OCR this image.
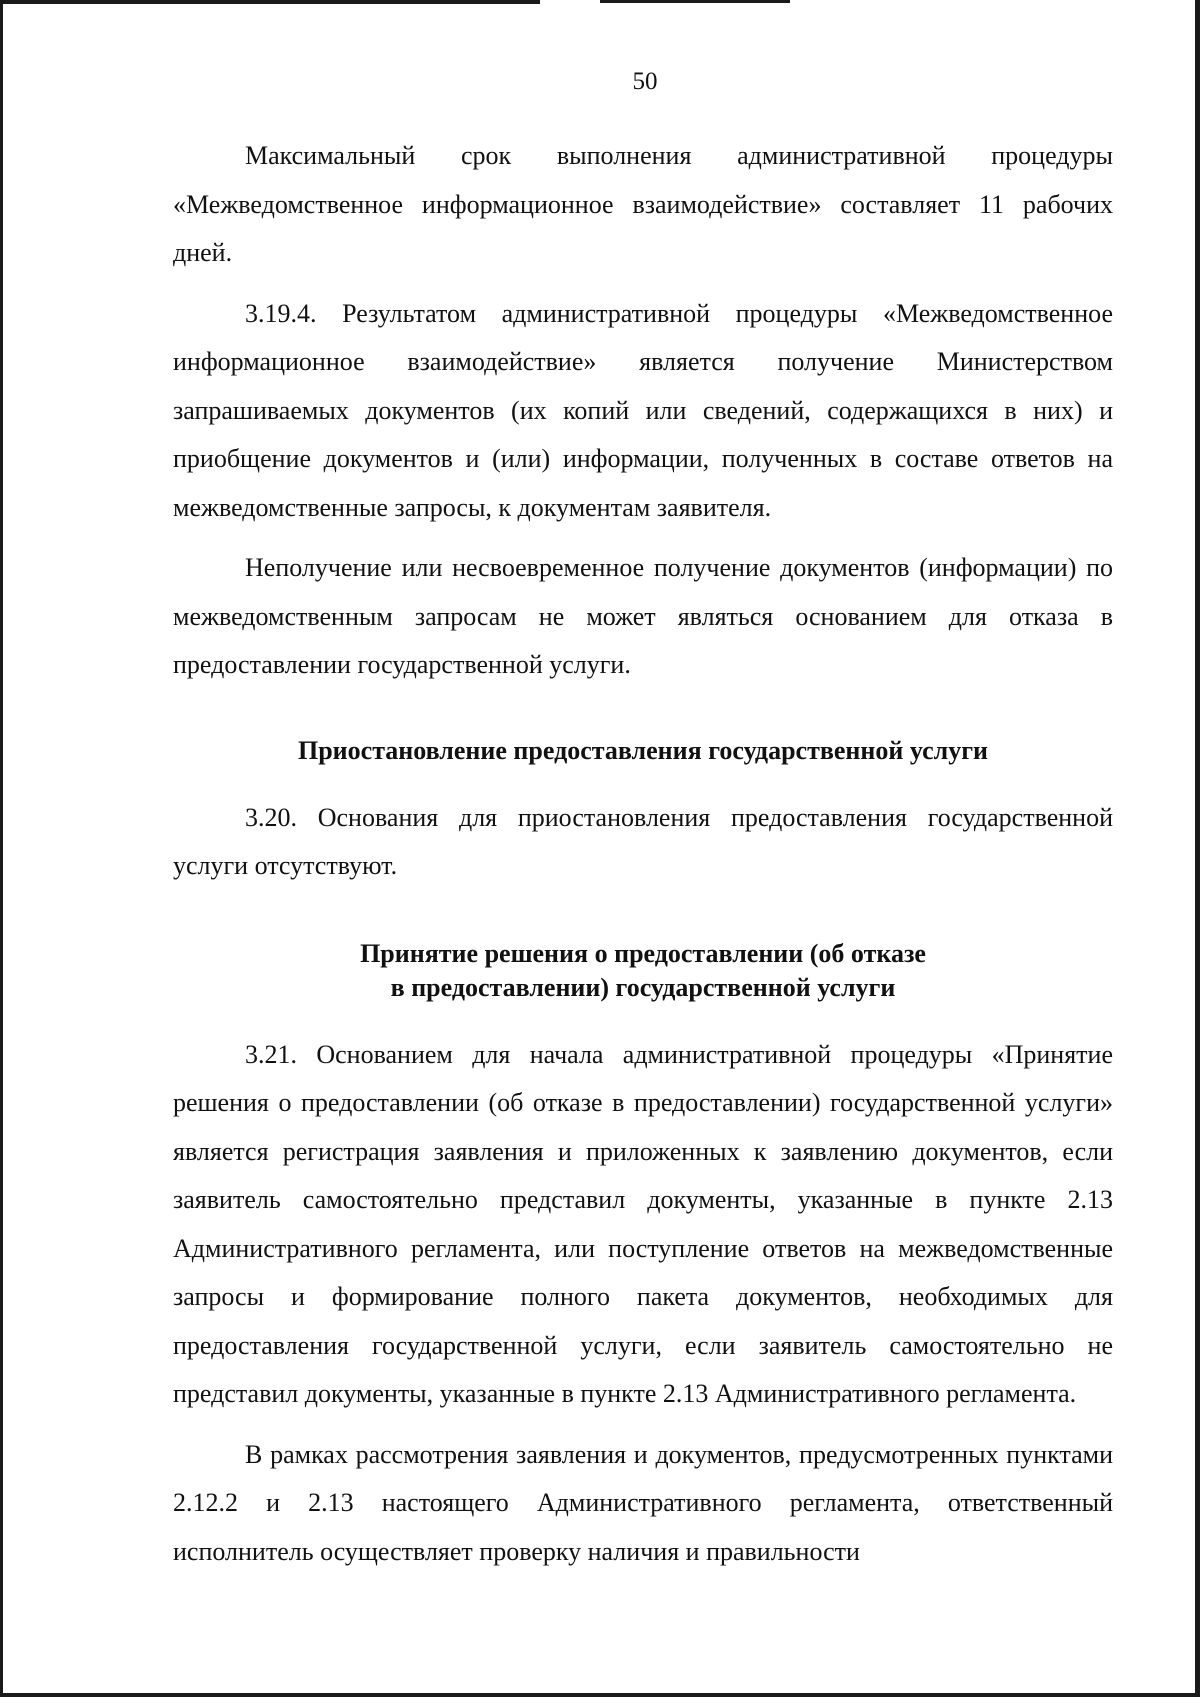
50

Максимальный срок выполнения административной процедуры «Межведомственное информационное взаимодействие» составляет 11 рабочих дней.

3.19.4. Результатом административной процедуры «Межведомственное информационное взаимодействие» является получение Министерством запрашиваемых документов (их копий или сведений, содержащихся в них) и приобщение документов и (или) информации, полученных в составе ответов на межведомственные запросы, к документам заявителя.

Неполучение или несвоевременное получение документов (информации) по межведомственным запросам не может являться основанием для отказа в предоставлении государственной услуги.

Приостановление предоставления государственной услуги

3.20. Основания для приостановления предоставления государственной услуги отсутствуют.

Принятие решения о предоставлении (об отказе

в предоставлении) государственной услуги

3.21. Основанием для начала административной процедуры «Принятие решения о предоставлении (об отказе в предоставлении) государственной услуги» является регистрация заявления и приложенных к заявлению документов, если заявитель самостоятельно представил документы, указанные в пункте 2.13 Административного регламента, или поступление ответов на межведомственные запросы и формирование полного пакета документов, необходимых для предоставления государственной услуги, если заявитель самостоятельно не представил документы, указанные в пункте 2.13 Административного регламента.

В рамках рассмотрения заявления и документов, предусмотренных пунктами 2.12.2 и 2.13 настоящего Административного регламента, ответственный исполнитель осуществляет проверку наличия и правильности
